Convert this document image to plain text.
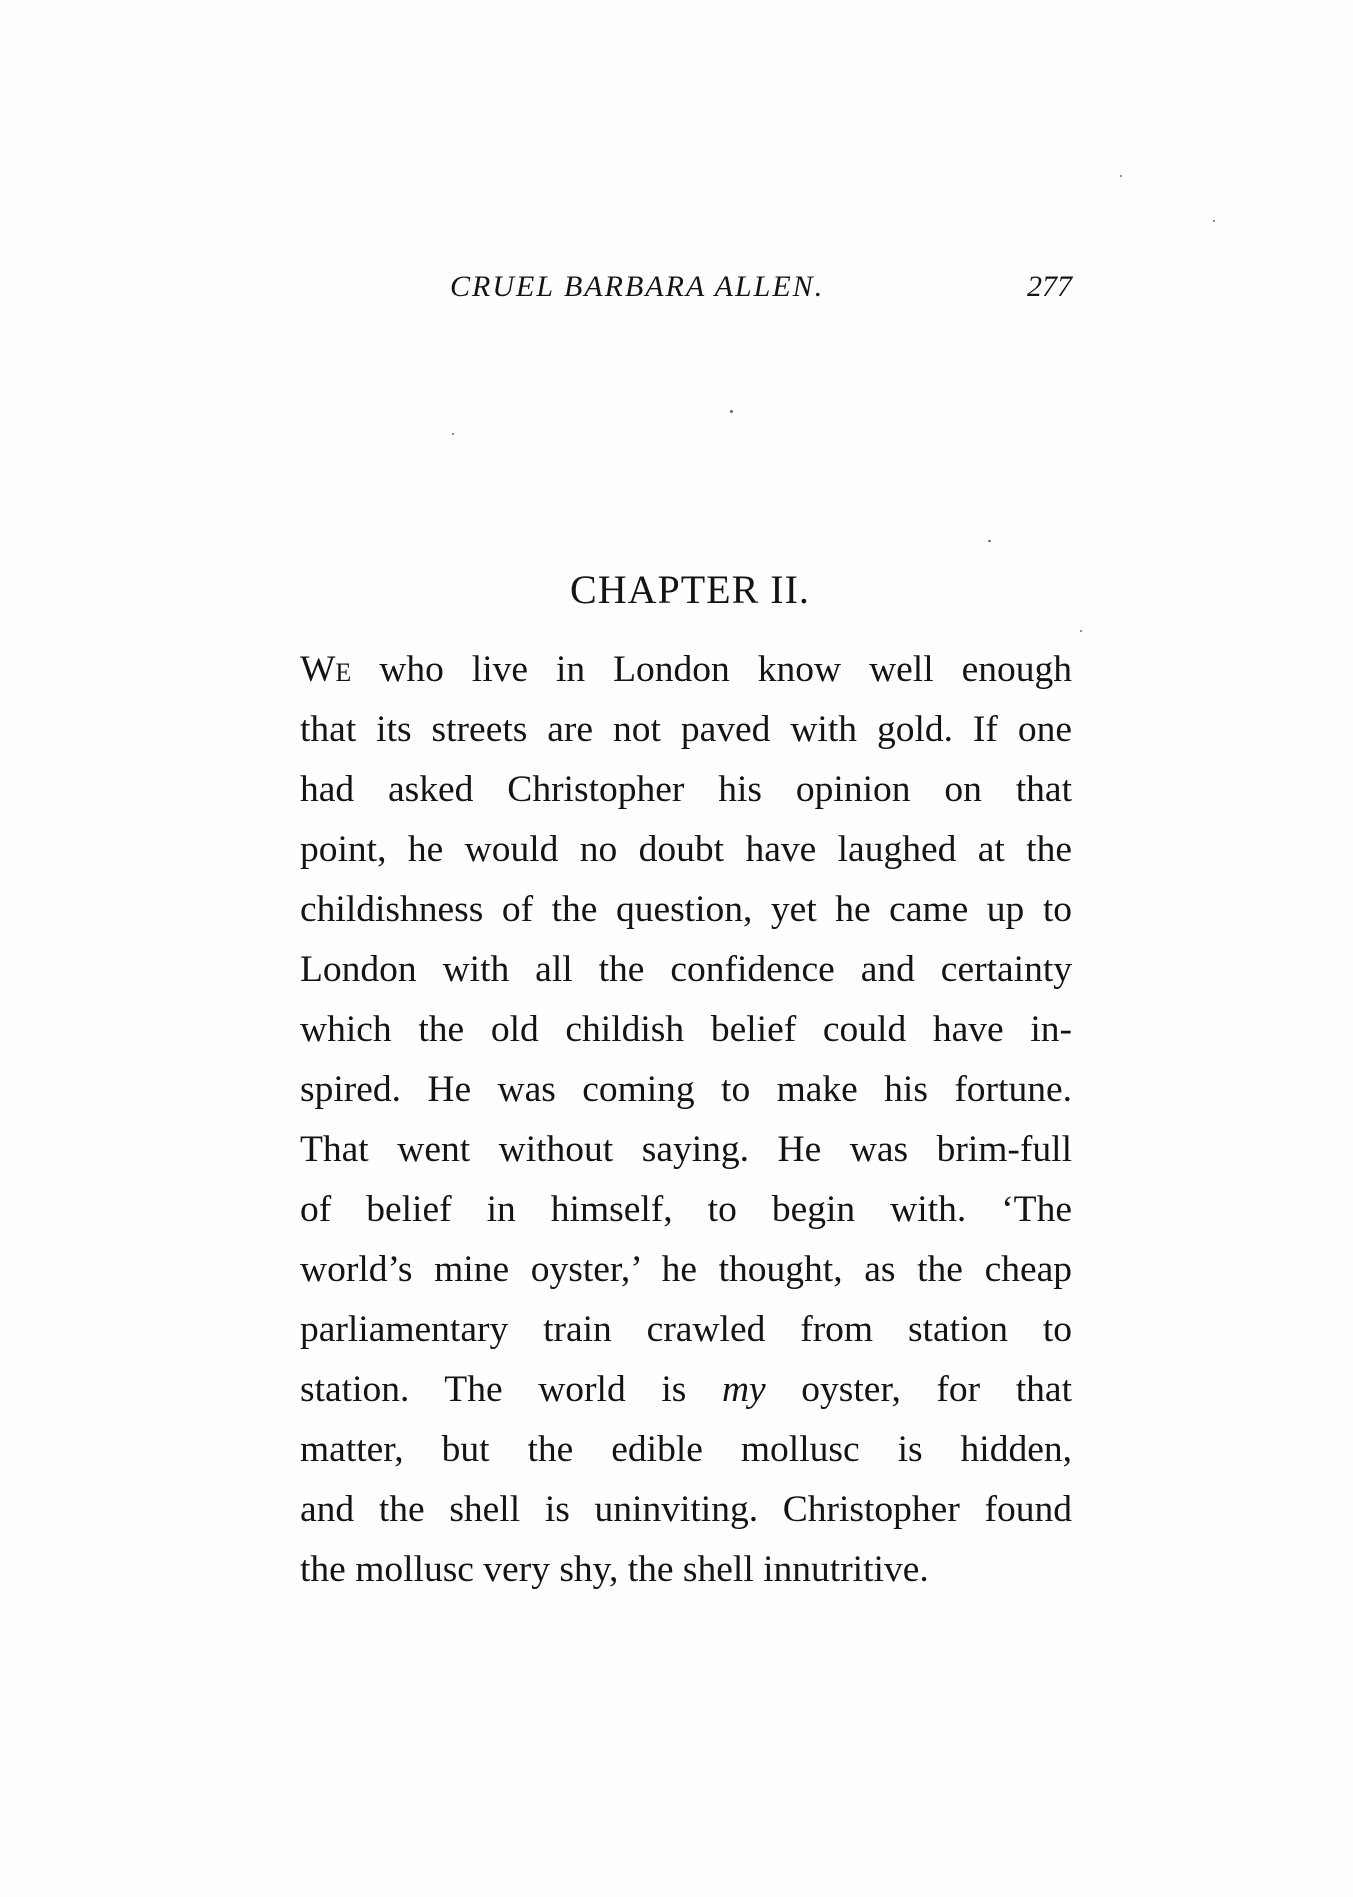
CRUEL BARBARA ALLEN.	277
CHAPTER II.
We who live in London know well enough
that its streets are not paved with gold. If one
had asked Christopher his opinion on that
point, he would no doubt have laughed at the
childishness of the question, yet he came up to
London with all the confidence and certainty
which the old childish belief could have in-
spired. He was coming to make his fortune.
That went without saying. He was brim-full
of belief in himself, to begin with. ‘The
world’s mine oyster,’ he thought, as the cheap
parliamentary train crawled from station to
station. The world is my oyster, for that
matter, but the edible mollusc is hidden,
and the shell is uninviting. Christopher found
the mollusc very shy, the shell innutritive.
